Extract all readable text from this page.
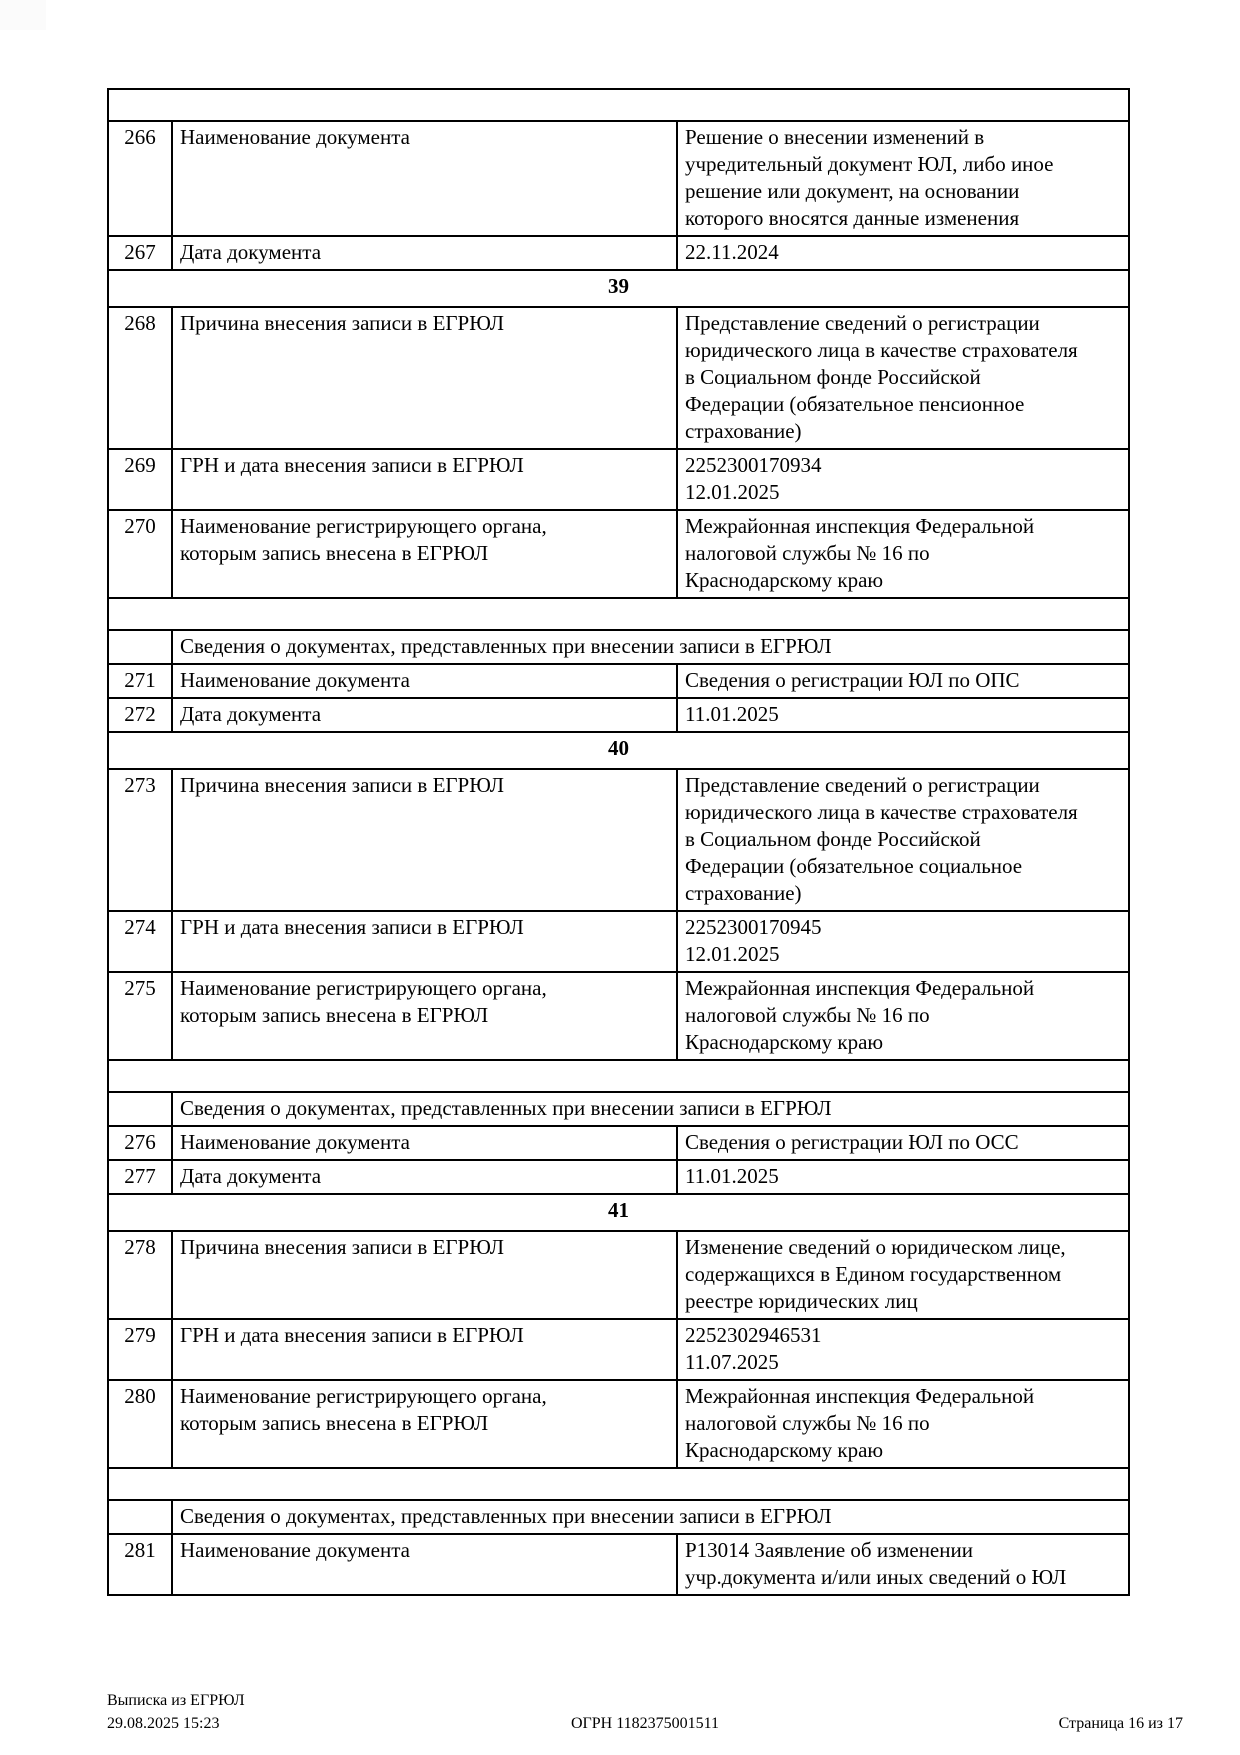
266	Наименование документа	Решение о внесении изменений в
учредительный документ ЮЛ, либо иное
решение или документ, на основании
которого вносятся данные изменения
267	Дата документа	22.11.2024
39		
268	Причина внесения записи в ЕГРЮЛ	Представление сведений о регистрации
юридического лица в качестве страхователя
в Социальном фонде Российской
Федерации (обязательное пенсионное
страхование)
269	ГРН и дата внесения записи в ЕГРЮЛ	2252300170934
12.01.2025
270	Наименование регистрирующего органа,
которым запись внесена в ЕГРЮЛ	Межрайонная инспекция Федеральной
налоговой службы № 16 по
Краснодарскому краю

	Сведения о документах, представленных при внесении записи в ЕГРЮЛ	
271	Наименование документа	Сведения о регистрации ЮЛ по ОПС
272	Дата документа	11.01.2025
40		
273	Причина внесения записи в ЕГРЮЛ	Представление сведений о регистрации
юридического лица в качестве страхователя
в Социальном фонде Российской
Федерации (обязательное социальное
страхование)
274	ГРН и дата внесения записи в ЕГРЮЛ	2252300170945
12.01.2025
275	Наименование регистрирующего органа,
которым запись внесена в ЕГРЮЛ	Межрайонная инспекция Федеральной
налоговой службы № 16 по
Краснодарскому краю

	Сведения о документах, представленных при внесении записи в ЕГРЮЛ	
276	Наименование документа	Сведения о регистрации ЮЛ по ОСС
277	Дата документа	11.01.2025
41		
278	Причина внесения записи в ЕГРЮЛ	Изменение сведений о юридическом лице,
содержащихся в Едином государственном
реестре юридических лиц
279	ГРН и дата внесения записи в ЕГРЮЛ	2252302946531
11.07.2025
280	Наименование регистрирующего органа,
которым запись внесена в ЕГРЮЛ	Межрайонная инспекция Федеральной
налоговой службы № 16 по
Краснодарскому краю

	Сведения о документах, представленных при внесении записи в ЕГРЮЛ	
281	Наименование документа	Р13014 Заявление об изменении
учр.документа и/или иных сведений о ЮЛ
Выписка из ЕГРЮЛ
29.08.2025 15:23	ОГРН 1182375001511	Страница 16 из 17
